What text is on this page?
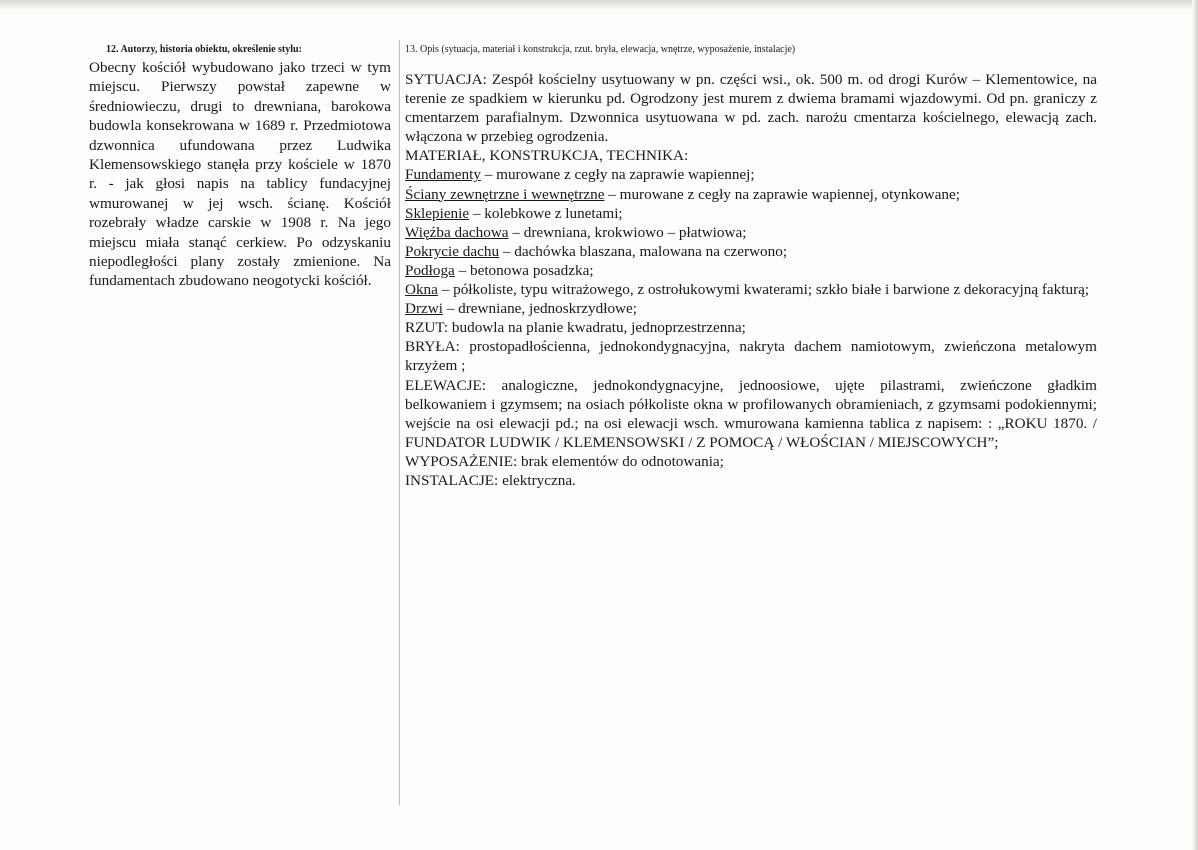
12. Autorzy, historia obiektu, określenie stylu:

Obecny kościół wybudowano jako trzeci w tym miejscu. Pierwszy powstał zapewne w średniowieczu, drugi to drewniana, barokowa budowla konsekrowana w 1689 r. Przedmiotowa dzwonnica ufundowana przez Ludwika Klemensowskiego stanęła przy kościele w 1870 r. - jak głosi napis na tablicy fundacyjnej wmurowanej w jej wsch. ścianę. Kościół rozebrały władze carskie w 1908 r. Na jego miejscu miała stanąć cerkiew. Po odzyskaniu niepodległości plany zostały zmienione. Na fundamentach zbudowano neogotycki kościół.

13. Opis (sytuacja, materiał i konstrukcja, rzut. bryła, elewacja, wnętrze, wyposażenie, instalacje)

SYTUACJA: Zespół kościelny usytuowany w pn. części wsi., ok. 500 m. od drogi Kurów – Klementowice, na terenie ze spadkiem w kierunku pd. Ogrodzony jest murem z dwiema bramami wjazdowymi. Od pn. graniczy z cmentarzem parafialnym. Dzwonnica usytuowana w pd. zach. narożu cmentarza kościelnego, elewacją zach. włączona w przebieg ogrodzenia.

MATERIAŁ, KONSTRUKCJA, TECHNIKA:

Fundamenty – murowane z cegły na zaprawie wapiennej;

Ściany zewnętrzne i wewnętrzne – murowane z cegły na zaprawie wapiennej, otynkowane;

Sklepienie – kolebkowe z lunetami;

Więźba dachowa – drewniana, krokwiowo – płatwiowa;

Pokrycie dachu – dachówka blaszana, malowana na czerwono;

Podłoga – betonowa posadzka;

Okna – półkoliste, typu witrażowego, z ostrołukowymi kwaterami; szkło białe i barwione z dekoracyjną fakturą;

Drzwi – drewniane, jednoskrzydłowe;

RZUT: budowla na planie kwadratu, jednoprzestrzenna;

BRYŁA: prostopadłościenna, jednokondygnacyjna, nakryta dachem namiotowym, zwieńczona metalowym krzyżem ;

ELEWACJE: analogiczne, jednokondygnacyjne, jednoosiowe, ujęte pilastrami, zwieńczone gładkim belkowaniem i gzymsem; na osiach półkoliste okna w profilowanych obramieniach, z gzymsami podokiennymi; wejście na osi elewacji pd.; na osi elewacji wsch. wmurowana kamienna tablica z napisem: : „ROKU 1870. / FUNDATOR LUDWIK / KLEMENSOWSKI / Z POMOCĄ / WŁOŚCIAN / MIEJSCOWYCH”;

WYPOSAŻENIE: brak elementów do odnotowania;

INSTALACJE: elektryczna.
